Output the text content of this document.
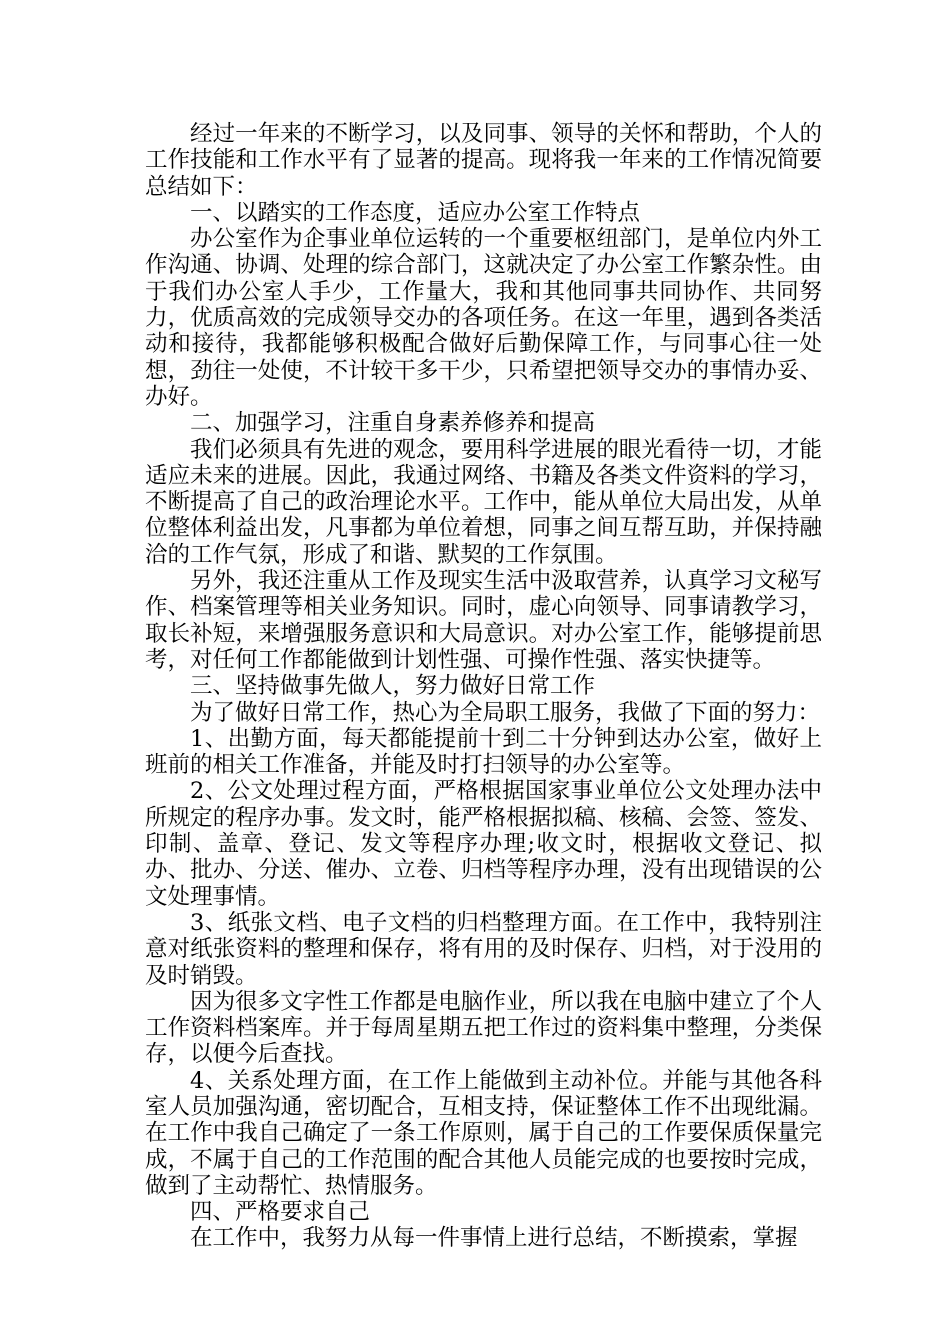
经过一年来的不断学习，以及同事、领导的关怀和帮助，个人的工作技能和工作水平有了显著的提高。现将我一年来的工作情况简要总结如下：

一、以踏实的工作态度，适应办公室工作特点

办公室作为企事业单位运转的一个重要枢纽部门，是单位内外工作沟通、协调、处理的综合部门，这就决定了办公室工作繁杂性。由于我们办公室人手少，工作量大，我和其他同事共同协作、共同努力，优质高效的完成领导交办的各项任务。在这一年里，遇到各类活动和接待，我都能够积极配合做好后勤保障工作，与同事心往一处想，劲往一处使，不计较干多干少，只希望把领导交办的事情办妥、办好。

二、加强学习，注重自身素养修养和提高

我们必须具有先进的观念，要用科学进展的眼光看待一切，才能适应未来的进展。因此，我通过网络、书籍及各类文件资料的学习，不断提高了自己的政治理论水平。工作中，能从单位大局出发，从单位整体利益出发，凡事都为单位着想，同事之间互帮互助，并保持融洽的工作气氛，形成了和谐、默契的工作氛围。

另外，我还注重从工作及现实生活中汲取营养，认真学习文秘写作、档案管理等相关业务知识。同时，虚心向领导、同事请教学习，取长补短，来增强服务意识和大局意识。对办公室工作，能够提前思考，对任何工作都能做到计划性强、可操作性强、落实快捷等。

三、坚持做事先做人，努力做好日常工作

为了做好日常工作，热心为全局职工服务，我做了下面的努力：

1、出勤方面，每天都能提前十到二十分钟到达办公室，做好上班前的相关工作准备，并能及时打扫领导的办公室等。

2、公文处理过程方面，严格根据国家事业单位公文处理办法中所规定的程序办事。发文时，能严格根据拟稿、核稿、会签、签发、印制、盖章、登记、发文等程序办理;收文时，根据收文登记、拟办、批办、分送、催办、立卷、归档等程序办理，没有出现错误的公文处理事情。

3、纸张文档、电子文档的归档整理方面。在工作中，我特别注意对纸张资料的整理和保存，将有用的及时保存、归档，对于没用的及时销毁。

因为很多文字性工作都是电脑作业，所以我在电脑中建立了个人工作资料档案库。并于每周星期五把工作过的资料集中整理，分类保存，以便今后查找。

4、关系处理方面，在工作上能做到主动补位。并能与其他各科室人员加强沟通，密切配合，互相支持，保证整体工作不出现纰漏。在工作中我自己确定了一条工作原则，属于自己的工作要保质保量完成，不属于自己的工作范围的配合其他人员能完成的也要按时完成，做到了主动帮忙、热情服务。

四、严格要求自己

在工作中，我努力从每一件事情上进行总结，不断摸索，掌握
